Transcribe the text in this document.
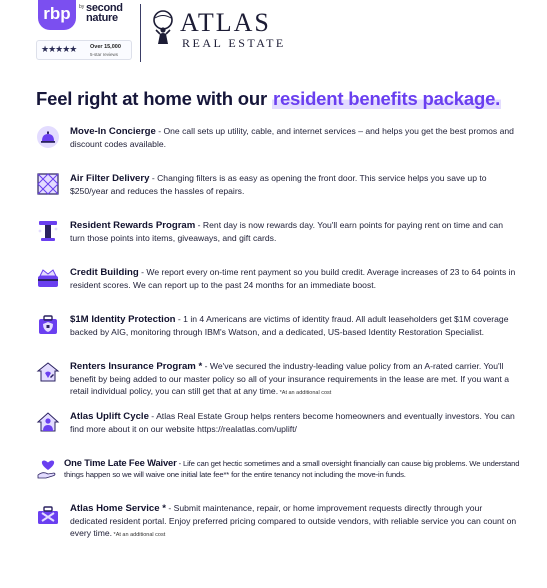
rbp	by second nature
★★★★★ Over 15,000
5-star reviews
ATLAS
REAL ESTATE
Feel right at home with our resident benefits package.
Move-In Concierge - One call sets up utility, cable, and internet services – and helps you get the best promos and discount codes available.
Air Filter Delivery - Changing filters is as easy as opening the front door. This service helps you save up to $250/year and reduces the hassles of repairs.
Resident Rewards Program - Rent day is now rewards day. You'll earn points for paying rent on time and can turn those points into items, giveaways, and gift cards.
Credit Building - We report every on-time rent payment so you build credit. Average increases of 23 to 64 points in resident scores. We can report up to the past 24 months for an immediate boost.
$1M Identity Protection - 1 in 4 Americans are victims of identity fraud. All adult leaseholders get $1M coverage backed by AIG, monitoring through IBM's Watson, and a dedicated, US-based Identity Restoration Specialist.
Renters Insurance Program * - We've secured the industry-leading value policy from an A-rated carrier. You'll benefit by being added to our master policy so all of your insurance requirements in the lease are met. If you want a retail individual policy, you can still get that at any time. *At an additional cost
Atlas Uplift Cycle - Atlas Real Estate Group helps renters become homeowners and eventually investors. You can find more about it on our website https://realatlas.com/uplift/
One Time Late Fee Waiver - Life can get hectic sometimes and a small oversight financially can cause big problems. We understand things happen so we will waive one initial late fee** for the entire tenancy not including the move-in funds.
Atlas Home Service * - Submit maintenance, repair, or home improvement requests directly through your dedicated resident portal. Enjoy preferred pricing compared to outside vendors, with reliable service you can count on every time. *At an additional cost
